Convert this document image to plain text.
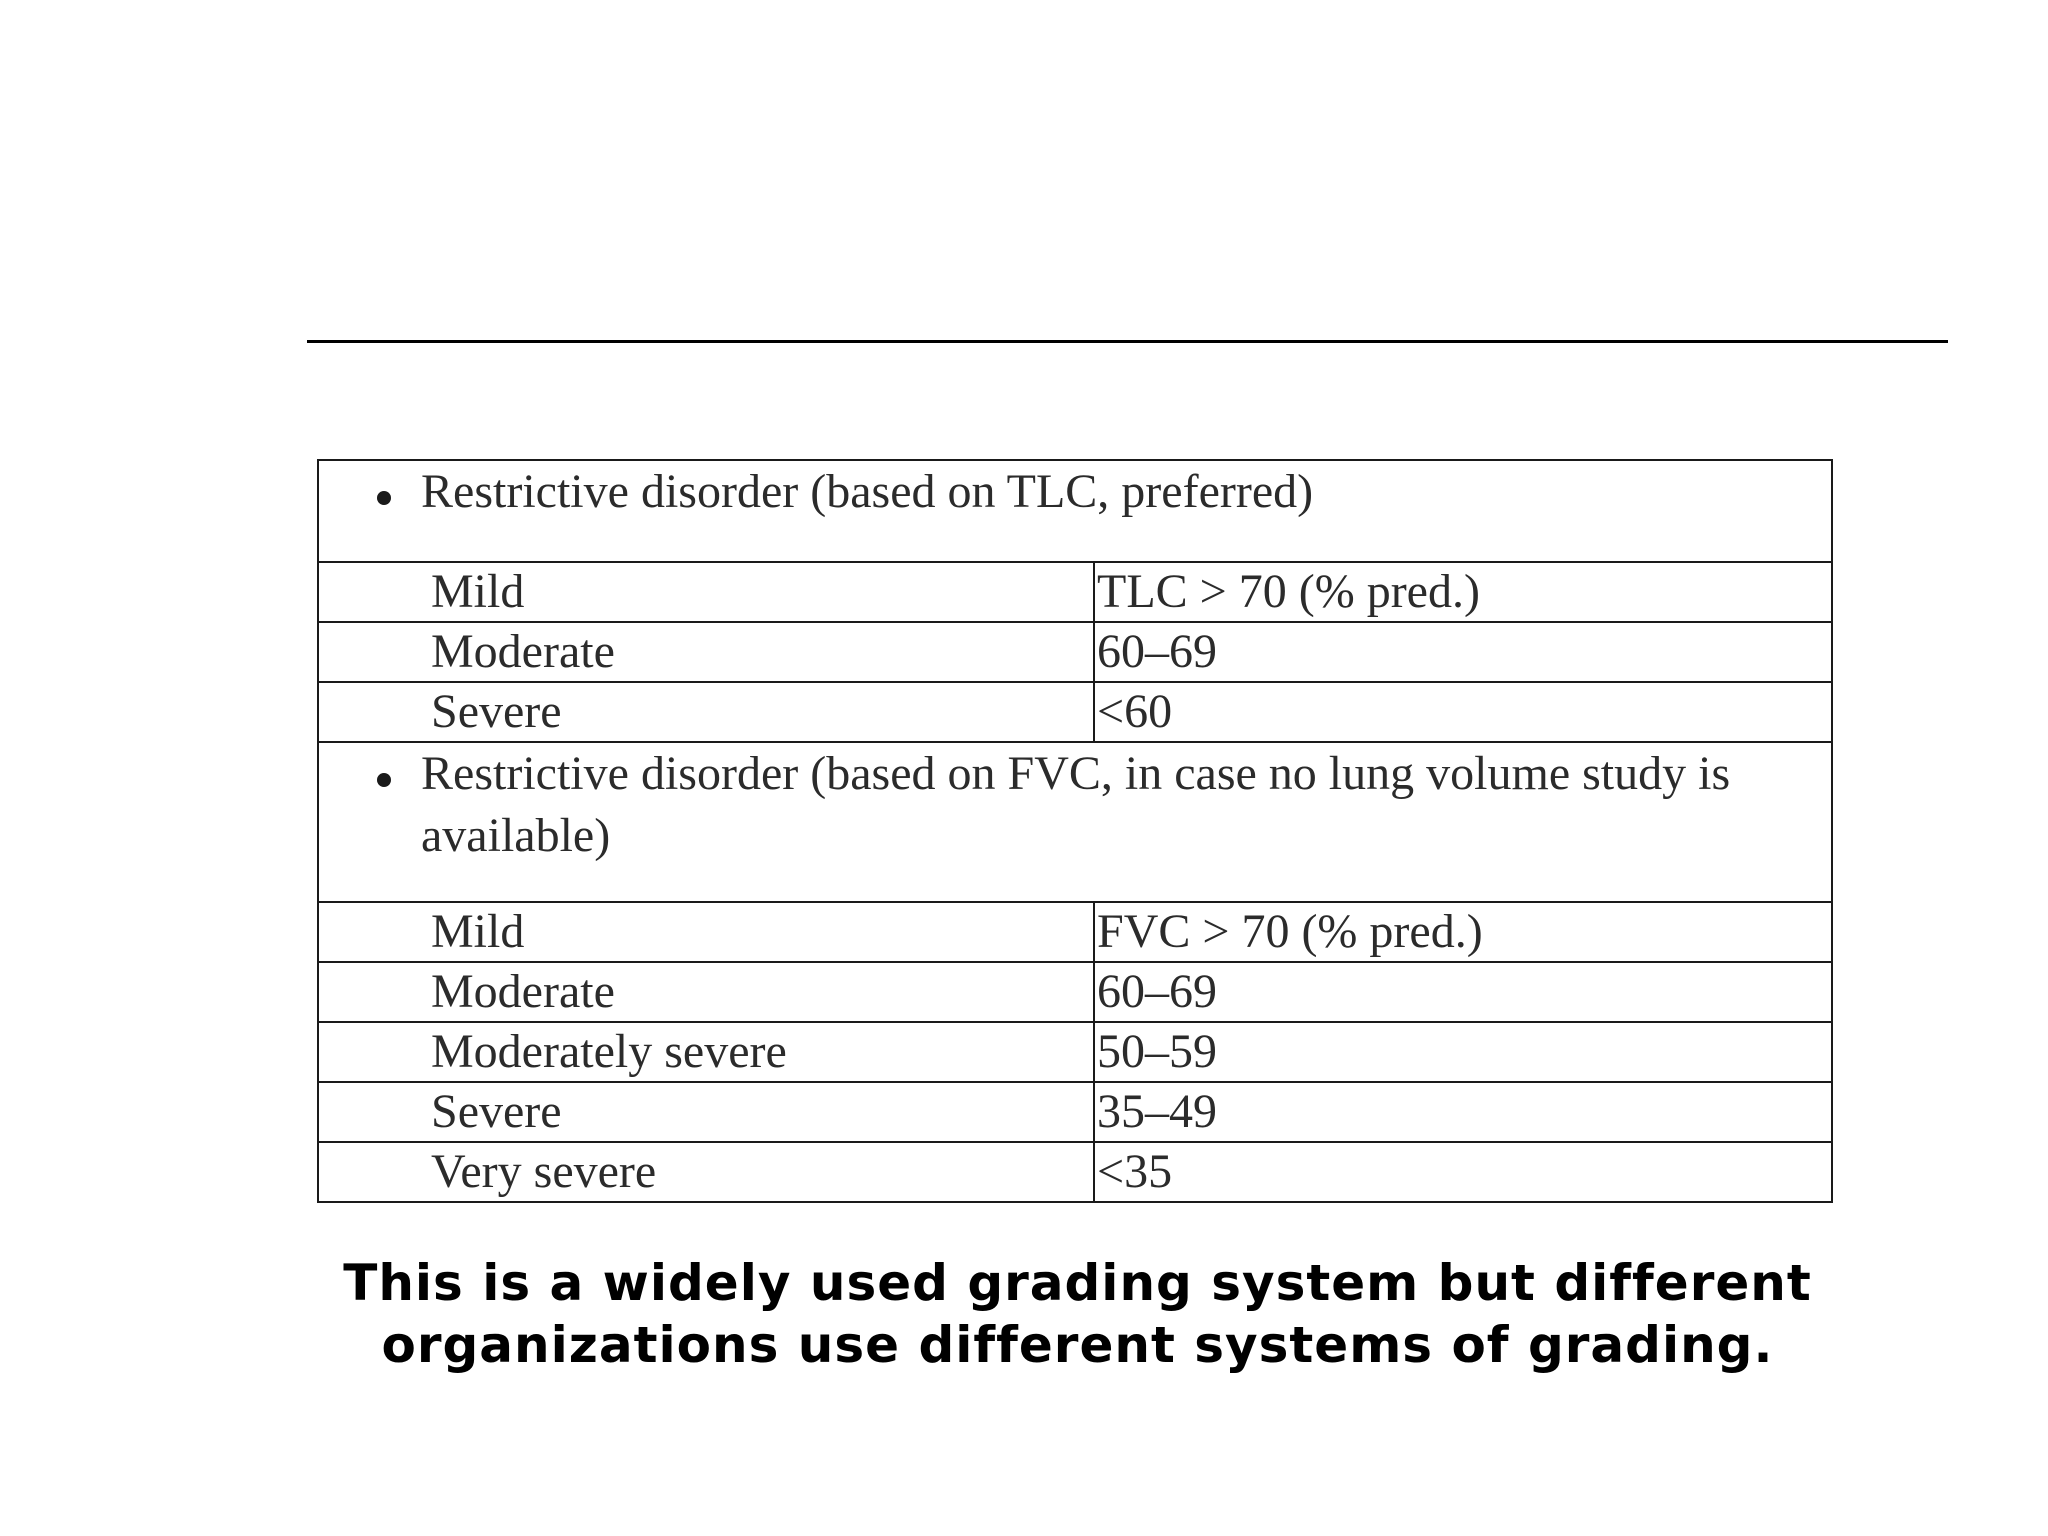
Restrictive disorder (based on TLC, preferred)	

Mild	TLC > 70 (% pred.)
Moderate	60–69
Severe	<60

Restrictive disorder (based on FVC, in case no lung volume study is available)	

Mild	FVC > 70 (% pred.)
Moderate	60–69
Moderately severe	50–59
Severe	35–49
Very severe	<35
This is a widely used grading system but different
organizations use different systems of grading.
